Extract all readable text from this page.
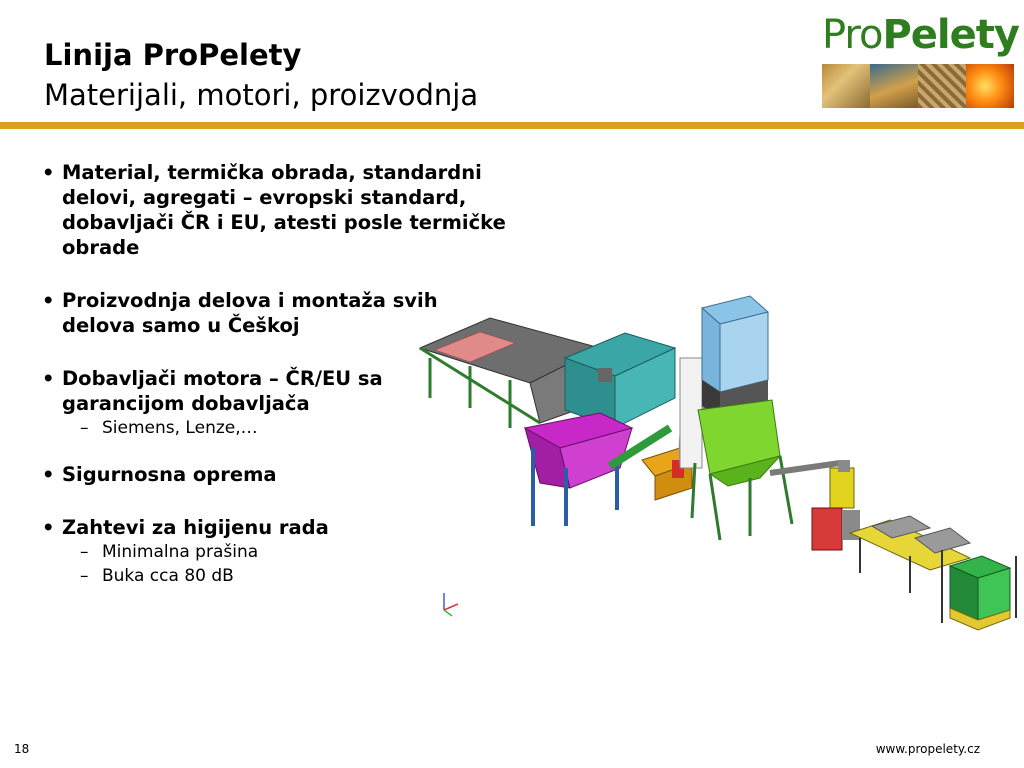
Linija ProPelety
Materijali, motori, proizvodnja
ProPelety
• Material, termička obrada, standardni delovi, agregati – evropski standard, dobavljači ČR i EU, atesti posle termičke obrade
• Proizvodnja delova i montaža svih delova samo u Češkoj
• Dobavljači motora – ČR/EU sa garancijom dobavljača
– Siemens, Lenze,…
• Sigurnosna oprema
• Zahtevi za higijenu rada
– Minimalna prašina
– Buka cca 80 dB
18	www.propelety.cz
